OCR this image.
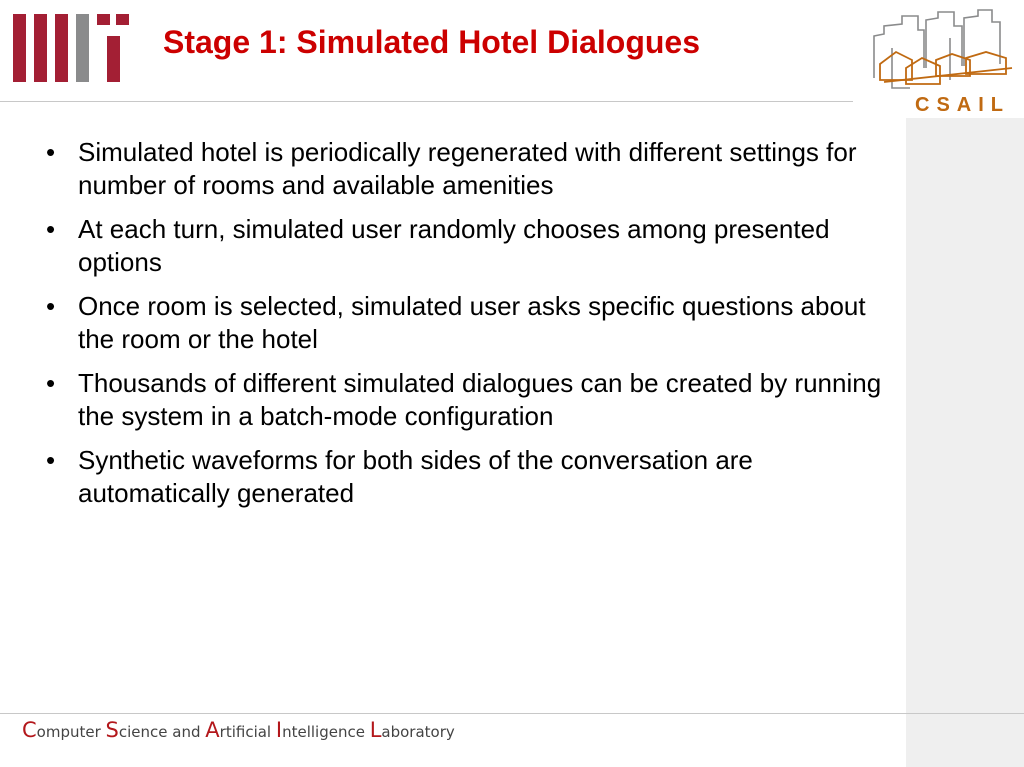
Stage 1: Simulated Hotel Dialogues
CSAIL
• Simulated hotel is periodically regenerated with different settings for number of rooms and available amenities
• At each turn, simulated user randomly chooses among presented options
• Once room is selected, simulated user asks specific questions about the room or the hotel
• Thousands of different simulated dialogues can be created by running the system in a batch-mode configuration
• Synthetic waveforms for both sides of the conversation are automatically generated
Computer Science and Artificial Intelligence Laboratory
